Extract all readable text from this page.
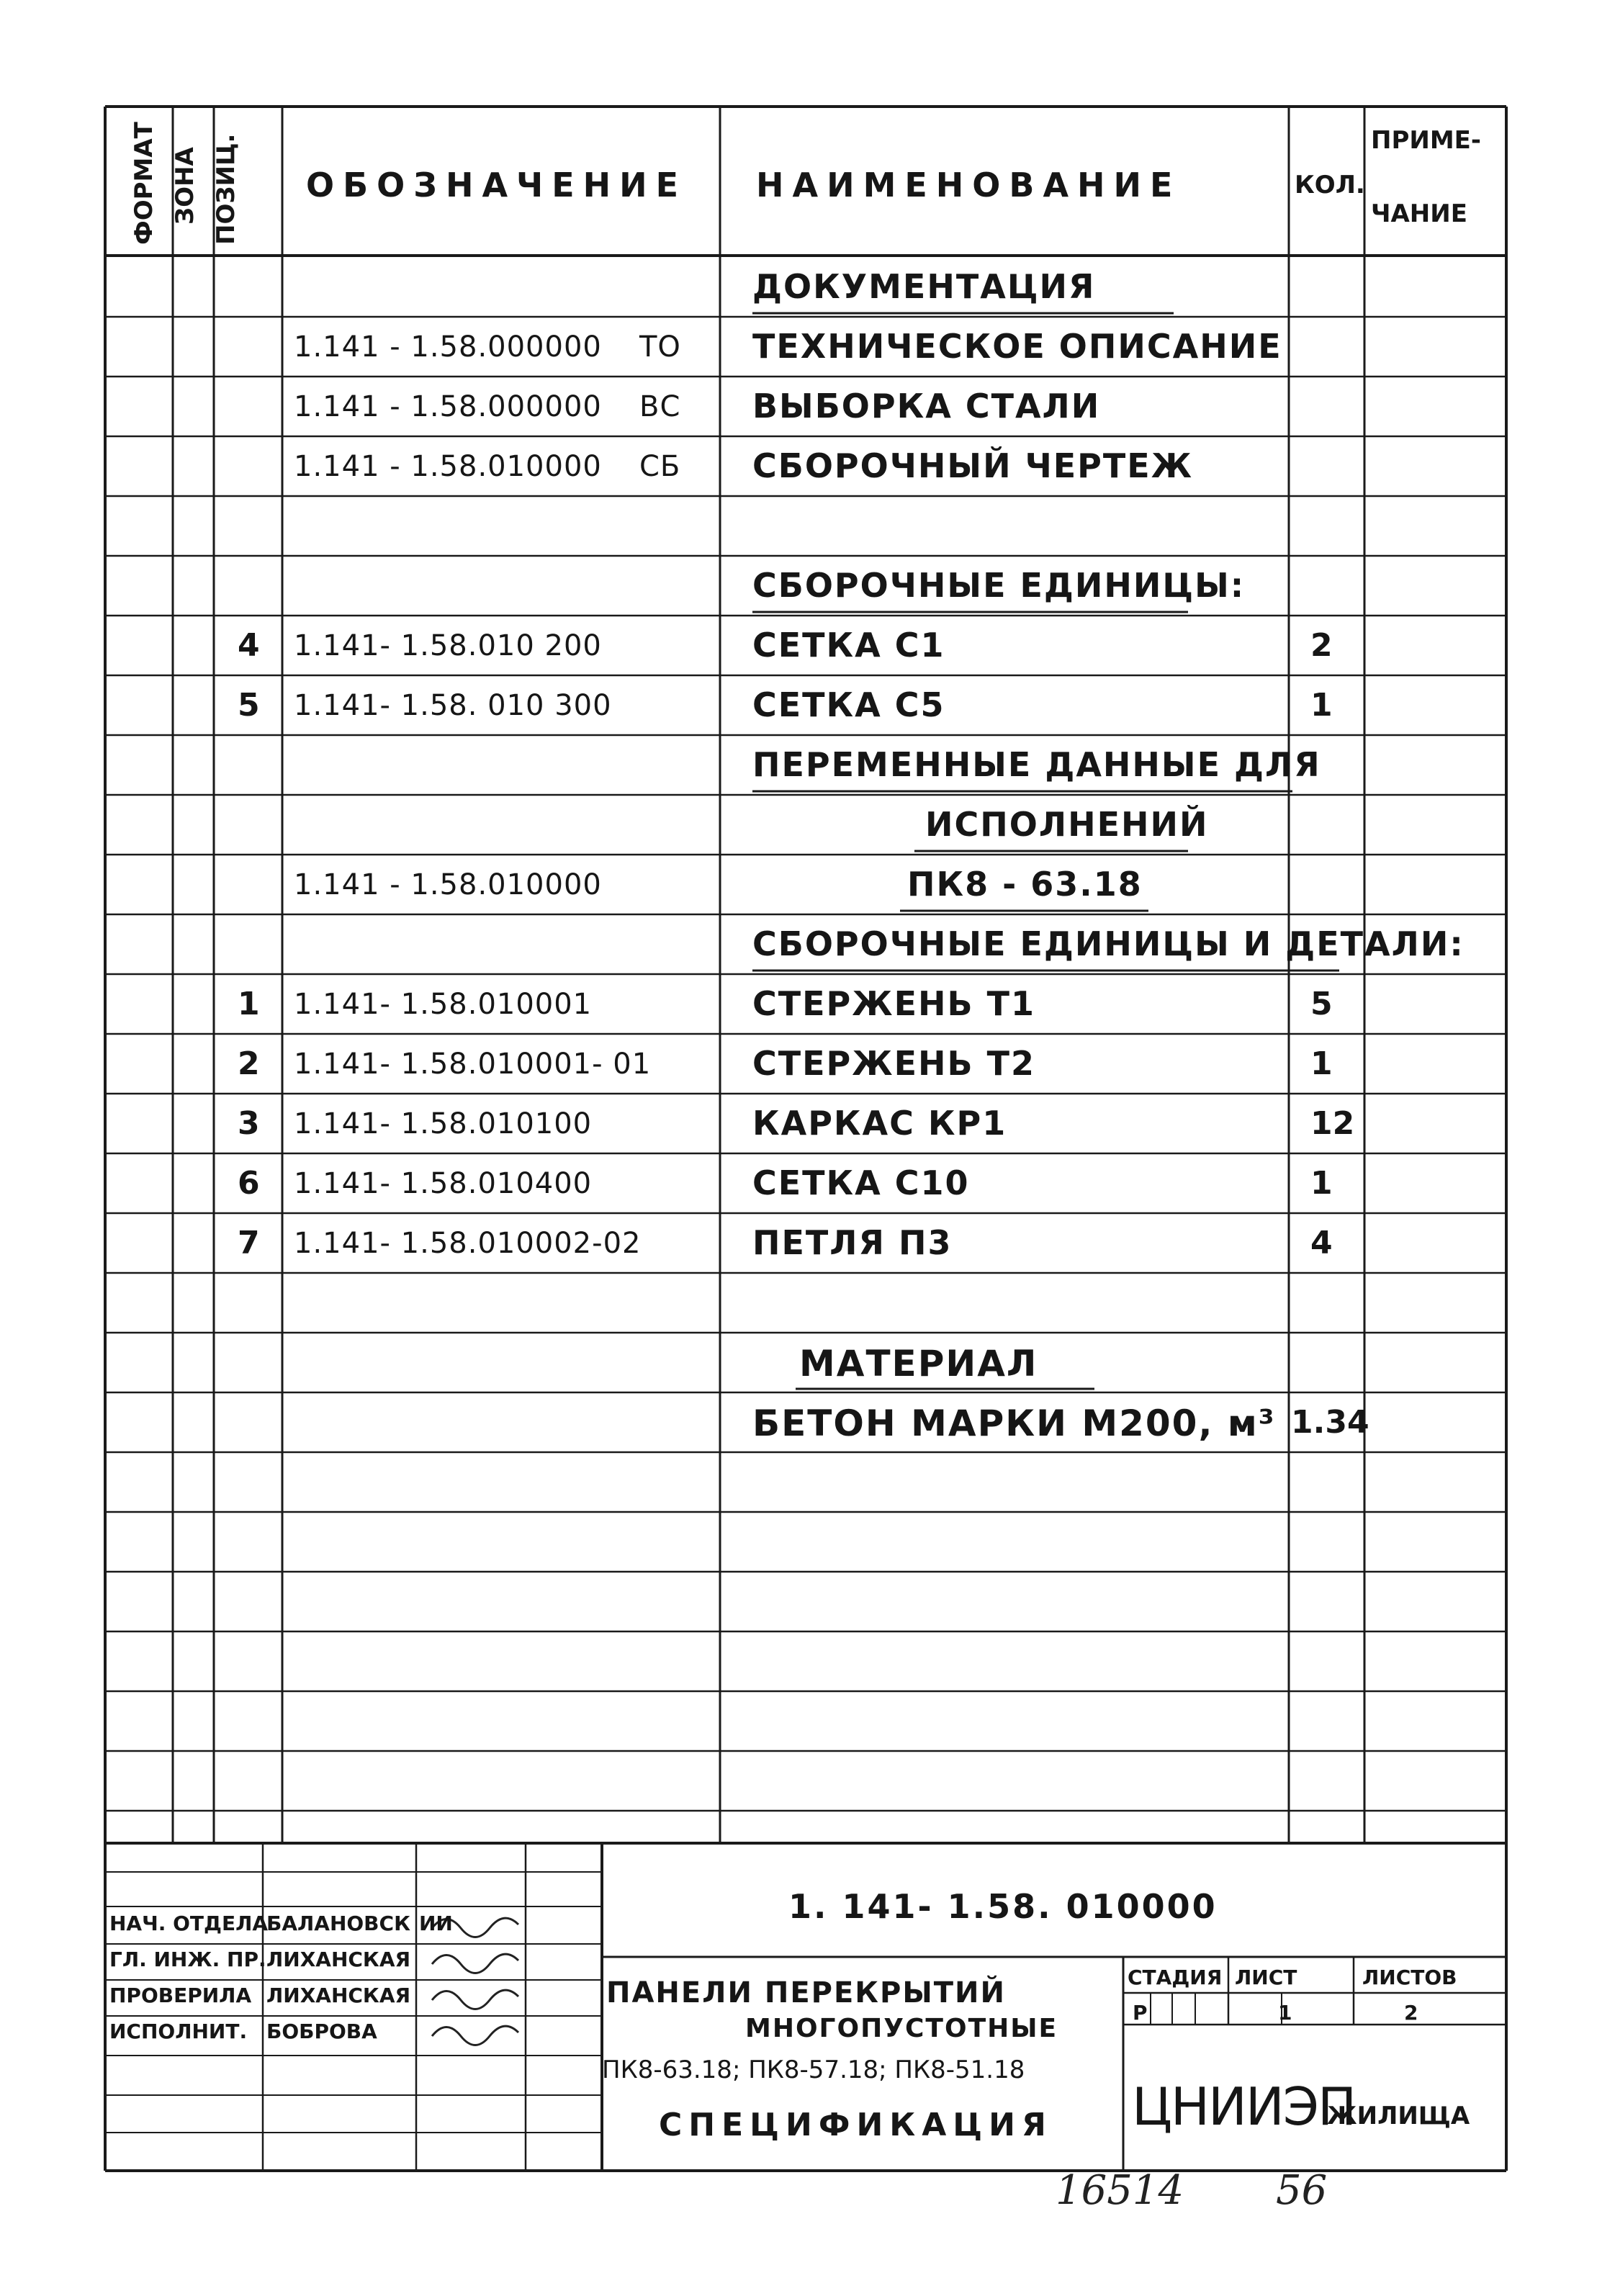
ФОРМАТ ЗОНА ПОЗИЦ. ОБОЗНАЧЕНИЕ НАИМЕНОВАНИЕ	КОЛ.
ПРИМЕ-
ЧАНИЕ
ДОКУМЕНТАЦИЯ
1.141 - 1.58.000000 ТО ТЕХНИЧЕСКОЕ ОПИСАНИЕ
1.141 - 1.58.000000 ВС ВЫБОРКА СТАЛИ
1.141 - 1.58.010000 СБ СБОРОЧНЫЙ ЧЕРТЕЖ
СБОРОЧНЫЕ ЕДИНИЦЫ:
4 1.141- 1.58.010 200	СЕТКА С1	2
5 1.141- 1.58. 010 300	СЕТКА С5	1
ПЕРЕМЕННЫЕ ДАННЫЕ ДЛЯ
ИСПОЛНЕНИЙ
1.141 - 1.58.010000	ПК8 - 63.18
СБОРОЧНЫЕ ЕДИНИЦЫ И ДЕТАЛИ:
1 1.141- 1.58.010001	СТЕРЖЕНЬ Т1	5
2 1.141- 1.58.010001- 01	СТЕРЖЕНЬ Т2	1
3 1.141- 1.58.010100	КАРКАС КР1	12
6 1.141- 1.58.010400	СЕТКА С10	1
7 1.141- 1.58.010002-02	ПЕТЛЯ П3	4
МАТЕРИАЛ
БЕТОН МАРКИ М200, м³ 1.34
1. 141- 1.58. 010000
НАЧ. ОТДЕЛА
БАЛАНОВСК ИИ
ГЛ. ИНЖ. ПР. ЛИХАНСКАЯ
ПРОВЕРИЛА ЛИХАНСКАЯ
ИСПОЛНИТ. БОБРОВА
ПАНЕЛИ ПЕРЕКРЫТИЙ
МНОГОПУСТОТНЫЕ
ПК8-63.18; ПК8-57.18; ПК8-51.18
СПЕЦИФИКАЦИЯ
СТАДИЯ ЛИСТ	ЛИСТОВ
Р	1	2
ЦНИИЭП
ЖИЛИЩА
16514 56
